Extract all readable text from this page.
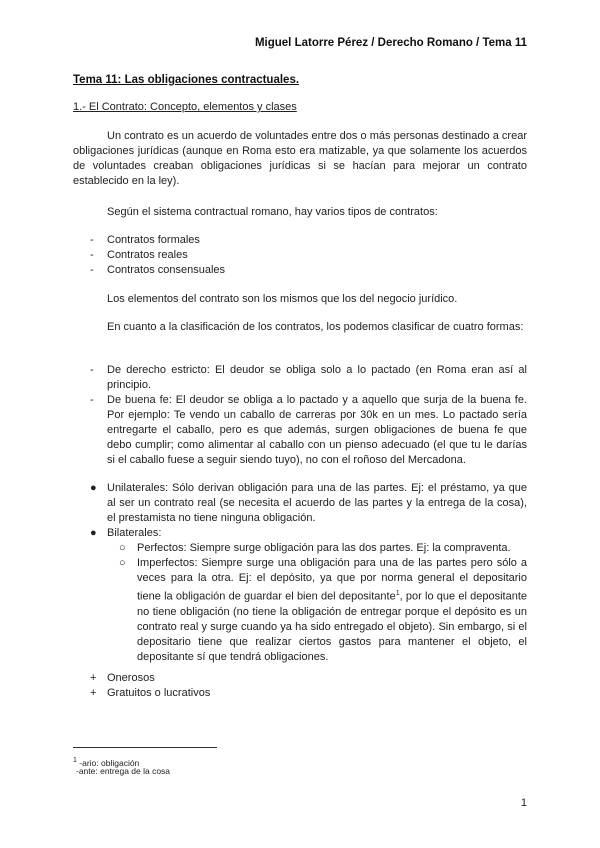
Miguel Latorre Pérez / Derecho Romano / Tema 11
Tema 11: Las obligaciones contractuales.
1.- El Contrato: Concepto, elementos y clases
Un contrato es un acuerdo de voluntades entre dos o más personas destinado a crear obligaciones jurídicas (aunque en Roma esto era matizable, ya que solamente los acuerdos de voluntades creaban obligaciones jurídicas si se hacían para mejorar un contrato establecido en la ley).
Según el sistema contractual romano, hay varios tipos de contratos:
- Contratos formales
- Contratos reales
- Contratos consensuales
Los elementos del contrato son los mismos que los del negocio jurídico.
En cuanto a la clasificación de los contratos, los podemos clasificar de cuatro formas:
- De derecho estricto: El deudor se obliga solo a lo pactado (en Roma eran así al principio.
- De buena fe: El deudor se obliga a lo pactado y a aquello que surja de la buena fe. Por ejemplo: Te vendo un caballo de carreras por 30k en un mes. Lo pactado sería entregarte el caballo, pero es que además, surgen obligaciones de buena fe que debo cumplir; como alimentar al caballo con un pienso adecuado (el que tu le darías si el caballo fuese a seguir siendo tuyo), no con el roñoso del Mercadona.
● Unilaterales: Sólo derivan obligación para una de las partes. Ej: el préstamo, ya que al ser un contrato real (se necesita el acuerdo de las partes y la entrega de la cosa), el prestamista no tiene ninguna obligación.
● Bilaterales:
○ Perfectos: Siempre surge obligación para las dos partes. Ej: la compraventa.
○ Imperfectos: Siempre surge una obligación para una de las partes pero sólo a veces para la otra. Ej: el depósito, ya que por norma general el depositario tiene la obligación de guardar el bien del depositante$^1$, por lo que el depositante no tiene obligación (no tiene la obligación de entregar porque el depósito es un contrato real y surge cuando ya ha sido entregado el objeto). Sin embargo, si el depositario tiene que realizar ciertos gastos para mantener el objeto, el depositante sí que tendrá obligaciones.
+ Onerosos
+ Gratuitos o lucrativos
$^1$ -ario: obligación
-ante: entrega de la cosa
1
